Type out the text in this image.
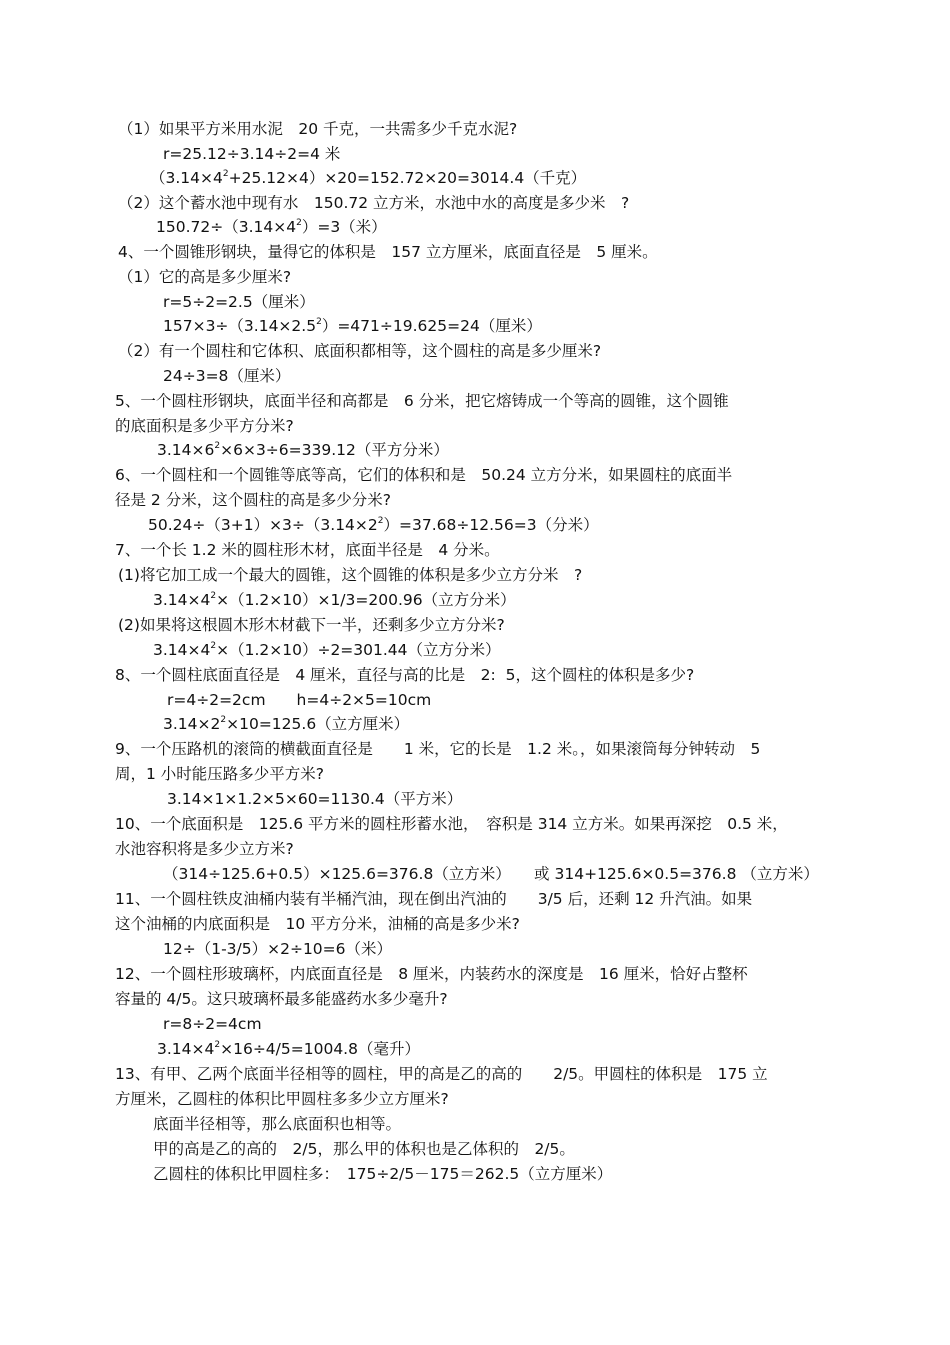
（1）如果平方米用水泥　20 千克，一共需多少千克水泥?
r=25.12÷3.14÷2=4 米
$(3.14\times 4^2+25.12\times 4)\times 20=152.72\times 20=3014.4$（千克）
（2）这个蓄水池中现有水　150.72 立方米，水池中水的高度是多少米　?
$150.72\div(3.14\times 4^2)=3$（米）
4、一个圆锥形钢块，量得它的体积是　157 立方厘米，底面直径是　5 厘米。
（1）它的高是多少厘米?
r=5÷2=2.5（厘米）
$157\times 3\div(3.14\times 2.5^2)=471\div 19.625=24$（厘米）
（2）有一个圆柱和它体积、底面积都相等，这个圆柱的高是多少厘米?
24÷3=8（厘米）
5、一个圆柱形钢块，底面半径和高都是　6 分米，把它熔铸成一个等高的圆锥，这个圆锥
的底面积是多少平方分米?
$3.14\times 6^2\times 6\times 3\div 6=339.12$（平方分米）
6、一个圆柱和一个圆锥等底等高，它们的体积和是　50.24 立方分米，如果圆柱的底面半
径是 2 分米，这个圆柱的高是多少分米?
$50.24\div(3+1)\times 3\div(3.14\times 2^2)=37.68\div 12.56=3$（分米）
7、一个长 1.2 米的圆柱形木材，底面半径是　4 分米。
(1)将它加工成一个最大的圆锥，这个圆锥的体积是多少立方分米　?
$3.14\times 4^2\times(1.2\times 10)\times 1/3=200.96$（立方分米）
(2)如果将这根圆木形木材截下一半，还剩多少立方分米?
$3.14\times 4^2\times(1.2\times 10)\div 2=301.44$（立方分米）
8、一个圆柱底面直径是　4 厘米，直径与高的比是　2:  5，这个圆柱的体积是多少?
r=4÷2=2cm　　h=4÷2×5=10cm
$3.14\times 2^2\times 10=125.6$（立方厘米）
9、一个压路机的滚筒的横截面直径是　　1 米，它的长是　1.2 米。，如果滚筒每分钟转动　5
周，1 小时能压路多少平方米?
3.14×1×1.2×5×60=1130.4（平方米）
10、一个底面积是　125.6 平方米的圆柱形蓄水池，　容积是 314 立方米。如果再深挖　0.5 米，
水池容积将是多少立方米?
（314÷125.6+0.5）×125.6=376.8（立方米）　　或 314+125.6×0.5=376.8 （立方米）
11、一个圆柱铁皮油桶内装有半桶汽油，现在倒出汽油的　　3/5 后，还剩 12 升汽油。如果
这个油桶的内底面积是　10 平方分米，油桶的高是多少米?
12÷（1-3/5）×2÷10=6（米）
12、一个圆柱形玻璃杯，内底面直径是　8 厘米，内装药水的深度是　16 厘米，恰好占整杯
容量的 4/5。这只玻璃杯最多能盛药水多少毫升?
r=8÷2=4cm
$3.14\times 4^2\times 16\div 4/5=1004.8$（毫升）
13、有甲、乙两个底面半径相等的圆柱，甲的高是乙的高的　　2/5。甲圆柱的体积是　175 立
方厘米，乙圆柱的体积比甲圆柱多多少立方厘米?
底面半径相等，那么底面积也相等。
甲的高是乙的高的　2/5，那么甲的体积也是乙体积的　2/5。
乙圆柱的体积比甲圆柱多：　175÷2/5－175＝262.5（立方厘米）
